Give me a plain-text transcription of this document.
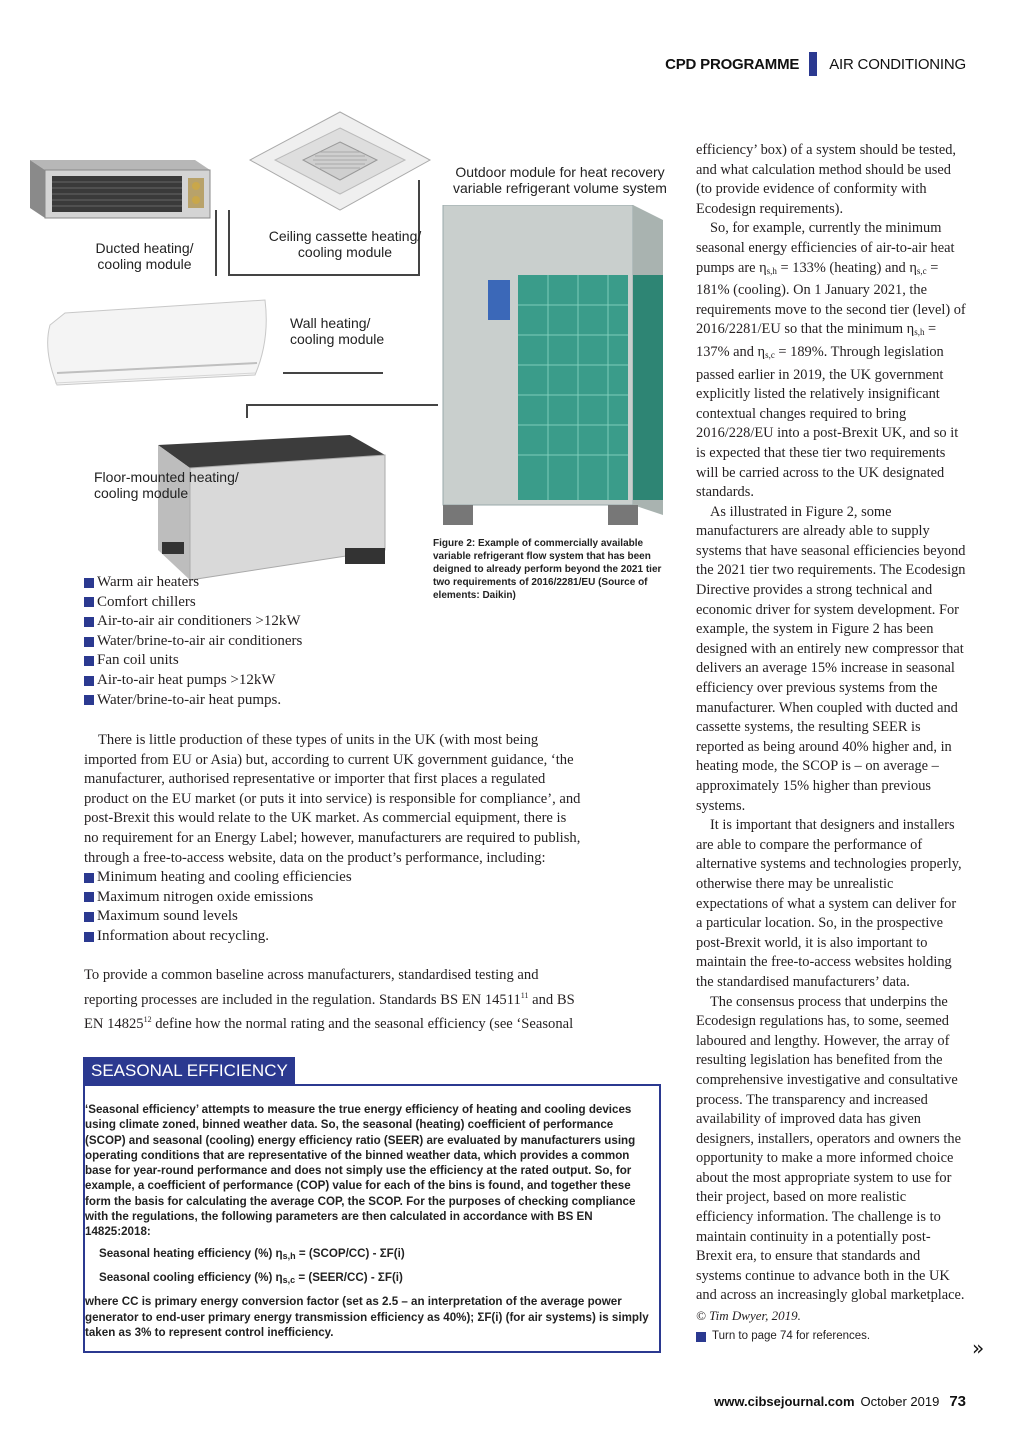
CPD PROGRAMME AIR CONDITIONING
Ducted heating/
cooling module
Ceiling cassette heating/
cooling module
Outdoor module for heat recovery
variable refrigerant volume system
Wall heating/
cooling module
Floor-mounted heating/
cooling module
Figure 2: Example of commercially available variable refrigerant flow system that has been deigned to already perform beyond the 2021 tier two requirements of 2016/2281/EU (Source of elements: Daikin)
Warm air heaters
Comfort chillers
Air-to-air air conditioners >12kW
Water/brine-to-air air conditioners
Fan coil units
Air-to-air heat pumps >12kW
Water/brine-to-air heat pumps.

There is little production of these types of units in the UK (with most being imported from EU or Asia) but, according to current UK government guidance, ‘the manufacturer, authorised representative or importer that first places a regulated product on the EU market (or puts it into service) is responsible for compliance’, and post-Brexit this would relate to the UK market. As commercial equipment, there is no requirement for an Energy Label; however, manufacturers are required to publish, through a free-to-access website, data on the product’s performance, including:

Minimum heating and cooling efficiencies
Maximum nitrogen oxide emissions
Maximum sound levels
Information about recycling.

To provide a common baseline across manufacturers, standardised testing and reporting processes are included in the regulation. Standards BS EN 14511$^{11}$ and BS EN 14825$^{12}$ define how the normal rating and the seasonal efficiency (see ‘Seasonal

SEASONAL EFFICIENCY

‘Seasonal efficiency’ attempts to measure the true energy efficiency of heating and cooling devices using climate zoned, binned weather data. So, the seasonal (heating) coefficient of performance (SCOP) and seasonal (cooling) energy efficiency ratio (SEER) are evaluated by manufacturers using operating conditions that are representative of the binned weather data, which provides a common base for year-round performance and does not simply use the efficiency at the rated output. So, for example, a coefficient of performance (COP) value for each of the bins is found, and together these form the basis for calculating the average COP, the SCOP. For the purposes of checking compliance with the regulations, the following parameters are then calculated in accordance with BS EN 14825:2018:

Seasonal heating efficiency (%) $\eta_{s,h}$ = (SCOP/CC) - ΣF(i)

Seasonal cooling efficiency (%) $\eta_{s,c}$ = (SEER/CC) - ΣF(i)

where CC is primary energy conversion factor (set as 2.5 – an interpretation of the average power generator to end-user primary energy transmission efficiency as 40%); ΣF(i) (for air systems) is simply taken as 3% to represent control inefficiency.

efficiency’ box) of a system should be tested, and what calculation method should be used (to provide evidence of conformity with Ecodesign requirements).

So, for example, currently the minimum seasonal energy efficiencies of air-to-air heat pumps are $\eta_{s,h} = 133\%$ (heating) and $\eta_{s,c} = 181\%$ (cooling). On 1 January 2021, the requirements move to the second tier (level) of 2016/2281/EU so that the minimum $\eta_{s,h} = 137\%$ and $\eta_{s,c} = 189\%$. Through legislation passed earlier in 2019, the UK government explicitly listed the relatively insignificant contextual changes required to bring 2016/228/EU into a post-Brexit UK, and so it is expected that these tier two requirements will be carried across to the UK designated standards.

As illustrated in Figure 2, some manufacturers are already able to supply systems that have seasonal efficiencies beyond the 2021 tier two requirements. The Ecodesign Directive provides a strong technical and economic driver for system development. For example, the system in Figure 2 has been designed with an entirely new compressor that delivers an average 15% increase in seasonal efficiency over previous systems from the manufacturer. When coupled with ducted and cassette systems, the resulting SEER is reported as being around 40% higher and, in heating mode, the SCOP is – on average – approximately 15% higher than previous systems.

It is important that designers and installers are able to compare the performance of alternative systems and technologies properly, otherwise there may be unrealistic expectations of what a system can deliver for a particular location. So, in the prospective post-Brexit world, it is also important to maintain the free-to-access websites holding the standardised manufacturers’ data.

The consensus process that underpins the Ecodesign regulations has, to some, seemed laboured and lengthy. However, the array of resulting legislation has benefited from the comprehensive investigative and consultative process. The transparency and increased availability of improved data has given designers, installers, operators and owners the opportunity to make a more informed choice about the most appropriate system to use for their project, based on more realistic efficiency information. The challenge is to maintain continuity in a potentially post-Brexit era, to ensure that standards and systems continue to advance both in the UK and across an increasingly global marketplace.

© Tim Dwyer, 2019.

Turn to page 74 for references.	»
www.cibsejournal.com October 2019 73
